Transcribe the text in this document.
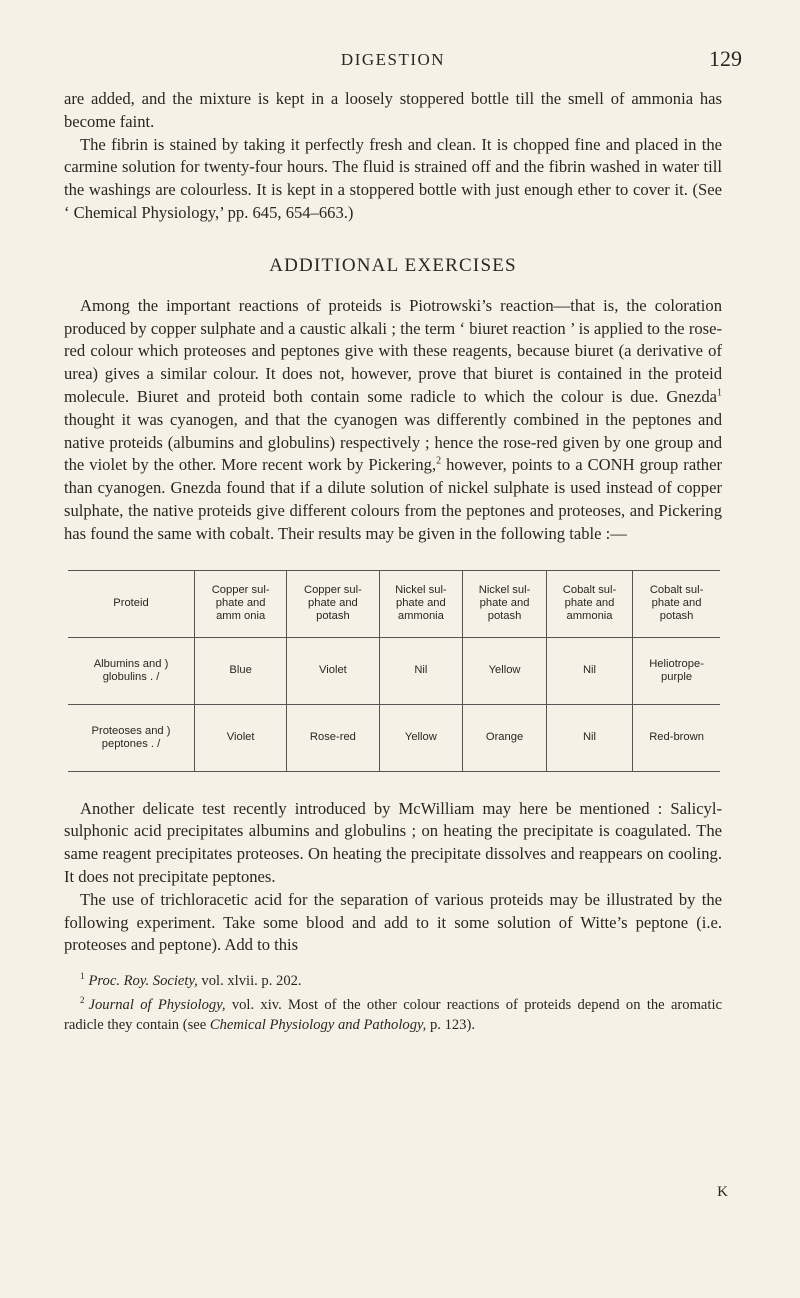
DIGESTION	129

are added, and the mixture is kept in a loosely stoppered bottle till the smell of ammonia has become faint.

The fibrin is stained by taking it perfectly fresh and clean. It is chopped fine and placed in the carmine solution for twenty-four hours. The fluid is strained off and the fibrin washed in water till the washings are colourless. It is kept in a stoppered bottle with just enough ether to cover it. (See ‘ Chemical Physiology,’ pp. 645, 654–663.)

ADDITIONAL EXERCISES

Among the important reactions of proteids is Piotrowski’s reaction—that is, the coloration produced by copper sulphate and a caustic alkali ; the term ‘ biuret reaction ’ is applied to the rose-red colour which proteoses and peptones give with these reagents, because biuret (a derivative of urea) gives a similar colour. It does not, however, prove that biuret is contained in the proteid molecule. Biuret and proteid both contain some radicle to which the colour is due. Gnezda$^1$ thought it was cyanogen, and that the cyanogen was differently combined in the peptones and native proteids (albumins and globulins) respectively ; hence the rose-red given by one group and the violet by the other. More recent work by Pickering,$^2$ however, points to a CONH group rather than cyanogen. Gnezda found that if a dilute solution of nickel sulphate is used instead of copper sulphate, the native proteids give different colours from the peptones and proteoses, and Pickering has found the same with cobalt. Their results may be given in the following table :—

Proteid	Copper sul-
phate and
amm onia	Copper sul-
phate and
potash	Nickel sul-
phate and
ammonia	Nickel sul-
phate and
potash	Cobalt sul-
phate and
ammonia	Cobalt sul-
phate and
potash
Albumins and )
globulins . /	Blue	Violet	Nil	Yellow	Nil	Heliotrope-
purple
Proteoses and )
peptones . /	Violet	Rose-red	Yellow	Orange	Nil	Red-brown

Another delicate test recently introduced by McWilliam may here be mentioned : Salicyl-sulphonic acid precipitates albumins and globulins ; on heating the precipitate is coagulated. The same reagent precipitates proteoses. On heating the precipitate dissolves and reappears on cooling. It does not precipitate peptones.

The use of trichloracetic acid for the separation of various proteids may be illustrated by the following experiment. Take some blood and add to it some solution of Witte’s peptone (i.e. proteoses and peptone). Add to this

$^1$ Proc. Roy. Society, vol. xlvii. p. 202.

$^2$ Journal of Physiology, vol. xiv. Most of the other colour reactions of proteids depend on the aromatic radicle they contain (see Chemical Physiology and Pathology, p. 123).

K
